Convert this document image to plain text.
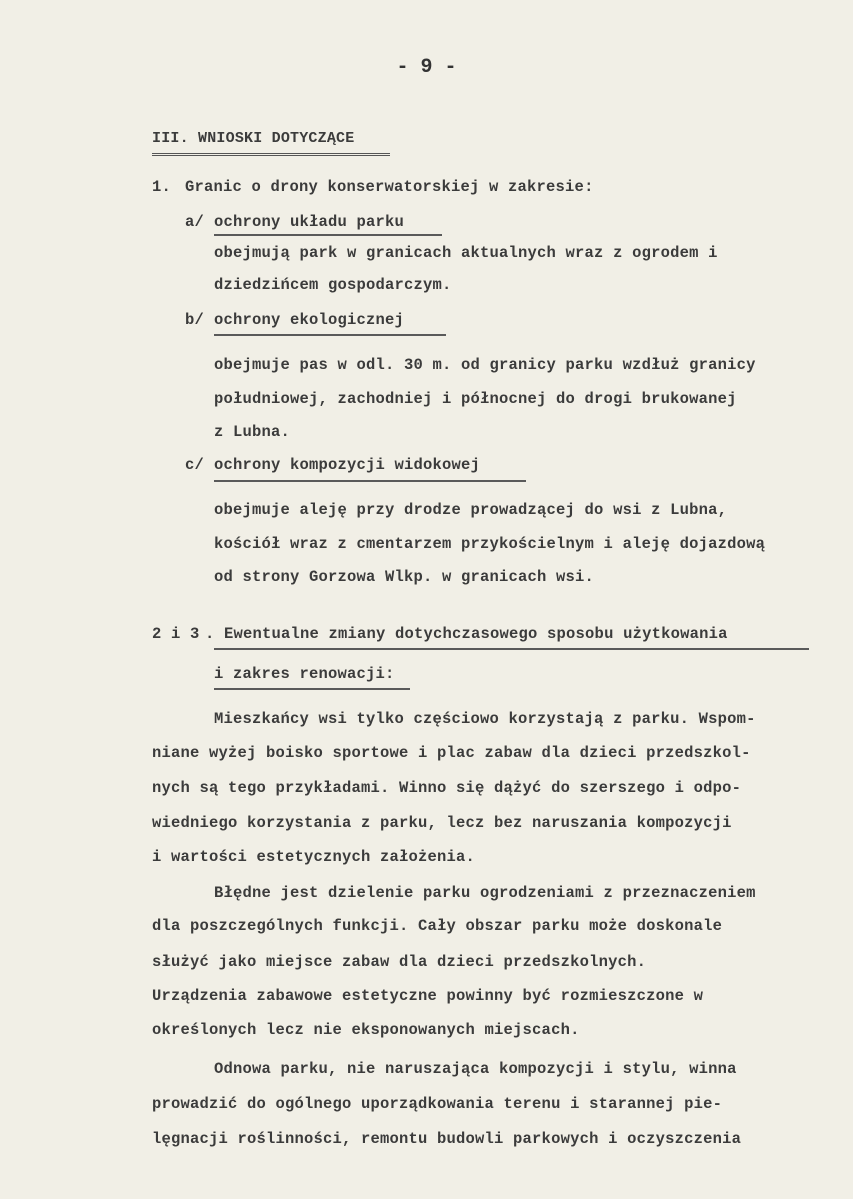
- 9 -
III. WNIOSKI DOTYCZĄCE
1. Granic o drony konserwatorskiej w zakresie:
a/ ochrony układu parku
obejmują park w granicach aktualnych wraz z ogrodem i
dziedzińcem gospodarczym.
b/ ochrony ekologicznej
obejmuje pas w odl. 30 m. od granicy parku wzdłuż granicy
południowej, zachodniej i północnej do drogi brukowanej
z Lubna.
c/ ochrony kompozycji widokowej
obejmuje aleję przy drodze prowadzącej do wsi z Lubna,
kościół wraz z cmentarzem przykościelnym i aleję dojazdową
od strony Gorzowa Wlkp. w granicach wsi.
2 i 3 . Ewentualne zmiany dotychczasowego sposobu użytkowania
i zakres renowacji:
Mieszkańcy wsi tylko częściowo korzystają z parku. Wspom-
niane wyżej boisko sportowe i plac zabaw dla dzieci przedszkol-
nych są tego przykładami. Winno się dążyć do szerszego i odpo-
wiedniego korzystania z parku, lecz bez naruszania kompozycji
i wartości estetycznych założenia.
Błędne jest dzielenie parku ogrodzeniami z przeznaczeniem
dla poszczególnych funkcji. Cały obszar parku może doskonale
służyć jako miejsce zabaw dla dzieci przedszkolnych.
Urządzenia zabawowe estetyczne powinny być rozmieszczone w
określonych lecz nie eksponowanych miejscach.
Odnowa parku, nie naruszająca kompozycji i stylu, winna
prowadzić do ogólnego uporządkowania terenu i starannej pie-
lęgnacji roślinności, remontu budowli parkowych i oczyszczenia
